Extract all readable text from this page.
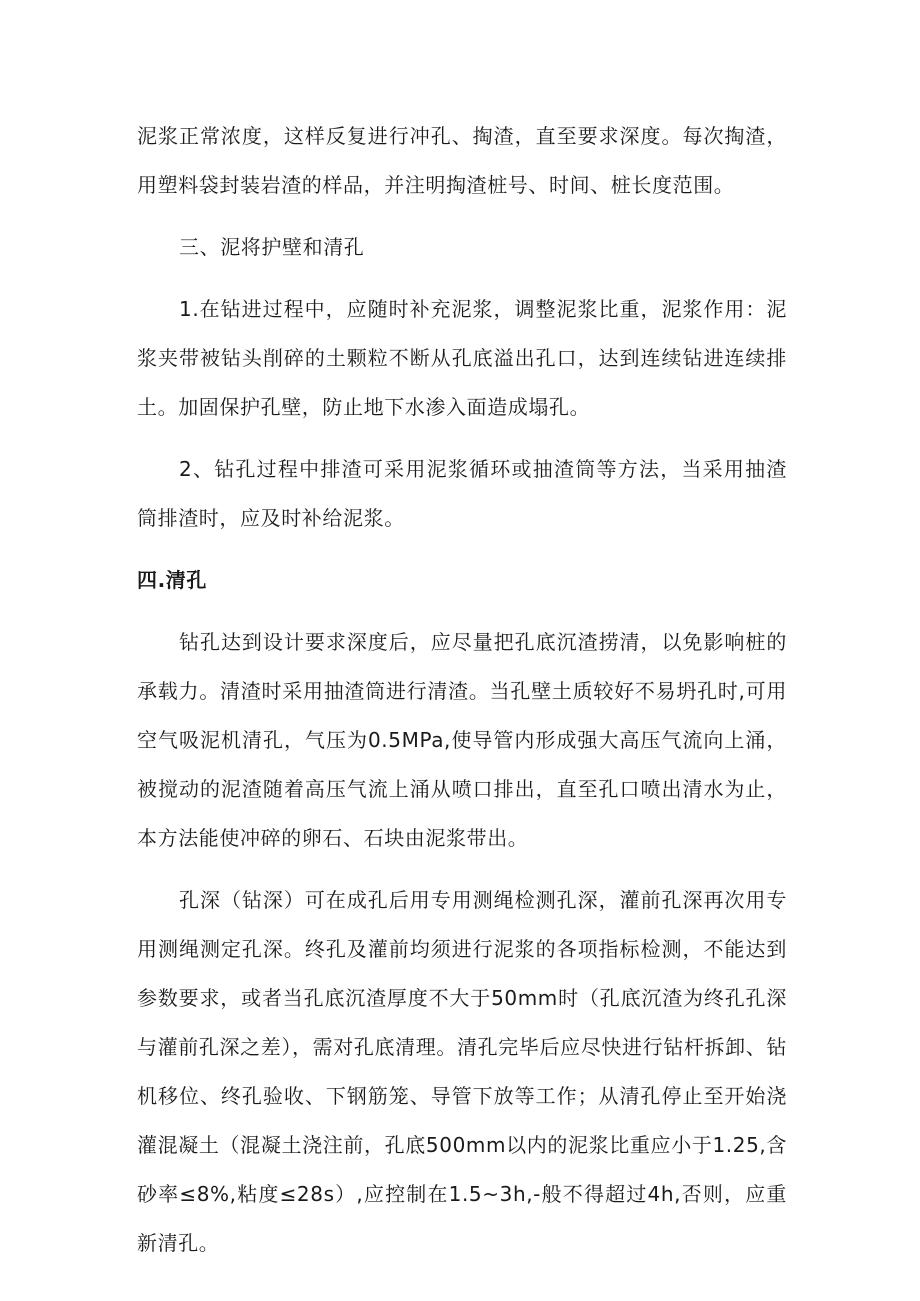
泥浆正常浓度，这样反复进行冲孔、掏渣，直至要求深度。每次掏渣，用塑料袋封装岩渣的样品，并注明掏渣桩号、时间、桩长度范围。

三、泥将护壁和清孔

1.在钻进过程中，应随时补充泥浆，调整泥浆比重，泥浆作用：泥浆夹带被钻头削碎的土颗粒不断从孔底溢出孔口，达到连续钻进连续排土。加固保护孔壁，防止地下水渗入面造成塌孔。

2、钻孔过程中排渣可采用泥浆循环或抽渣筒等方法，当采用抽渣筒排渣时，应及时补给泥浆。

四.清孔

钻孔达到设计要求深度后，应尽量把孔底沉渣捞清，以免影响桩的承载力。清渣时采用抽渣筒进行清渣。当孔壁土质较好不易坍孔时,可用空气吸泥机清孔，气压为0.5MPa,使导管内形成强大高压气流向上涌，被搅动的泥渣随着高压气流上涌从喷口排出，直至孔口喷出清水为止，本方法能使冲碎的卵石、石块由泥浆带出。

孔深（钻深）可在成孔后用专用测绳检测孔深，灌前孔深再次用专用测绳测定孔深。终孔及灌前均须进行泥浆的各项指标检测，不能达到参数要求，或者当孔底沉渣厚度不大于50mm时（孔底沉渣为终孔孔深与灌前孔深之差），需对孔底清理。清孔完毕后应尽快进行钻杆拆卸、钻机移位、终孔验收、下钢筋笼、导管下放等工作；从清孔停止至开始浇灌混凝土（混凝土浇注前，孔底500mm以内的泥浆比重应小于1.25,含砂率≤8%,粘度≤28s）,应控制在1.5~3h,-般不得超过4h,否则，应重新清孔。
